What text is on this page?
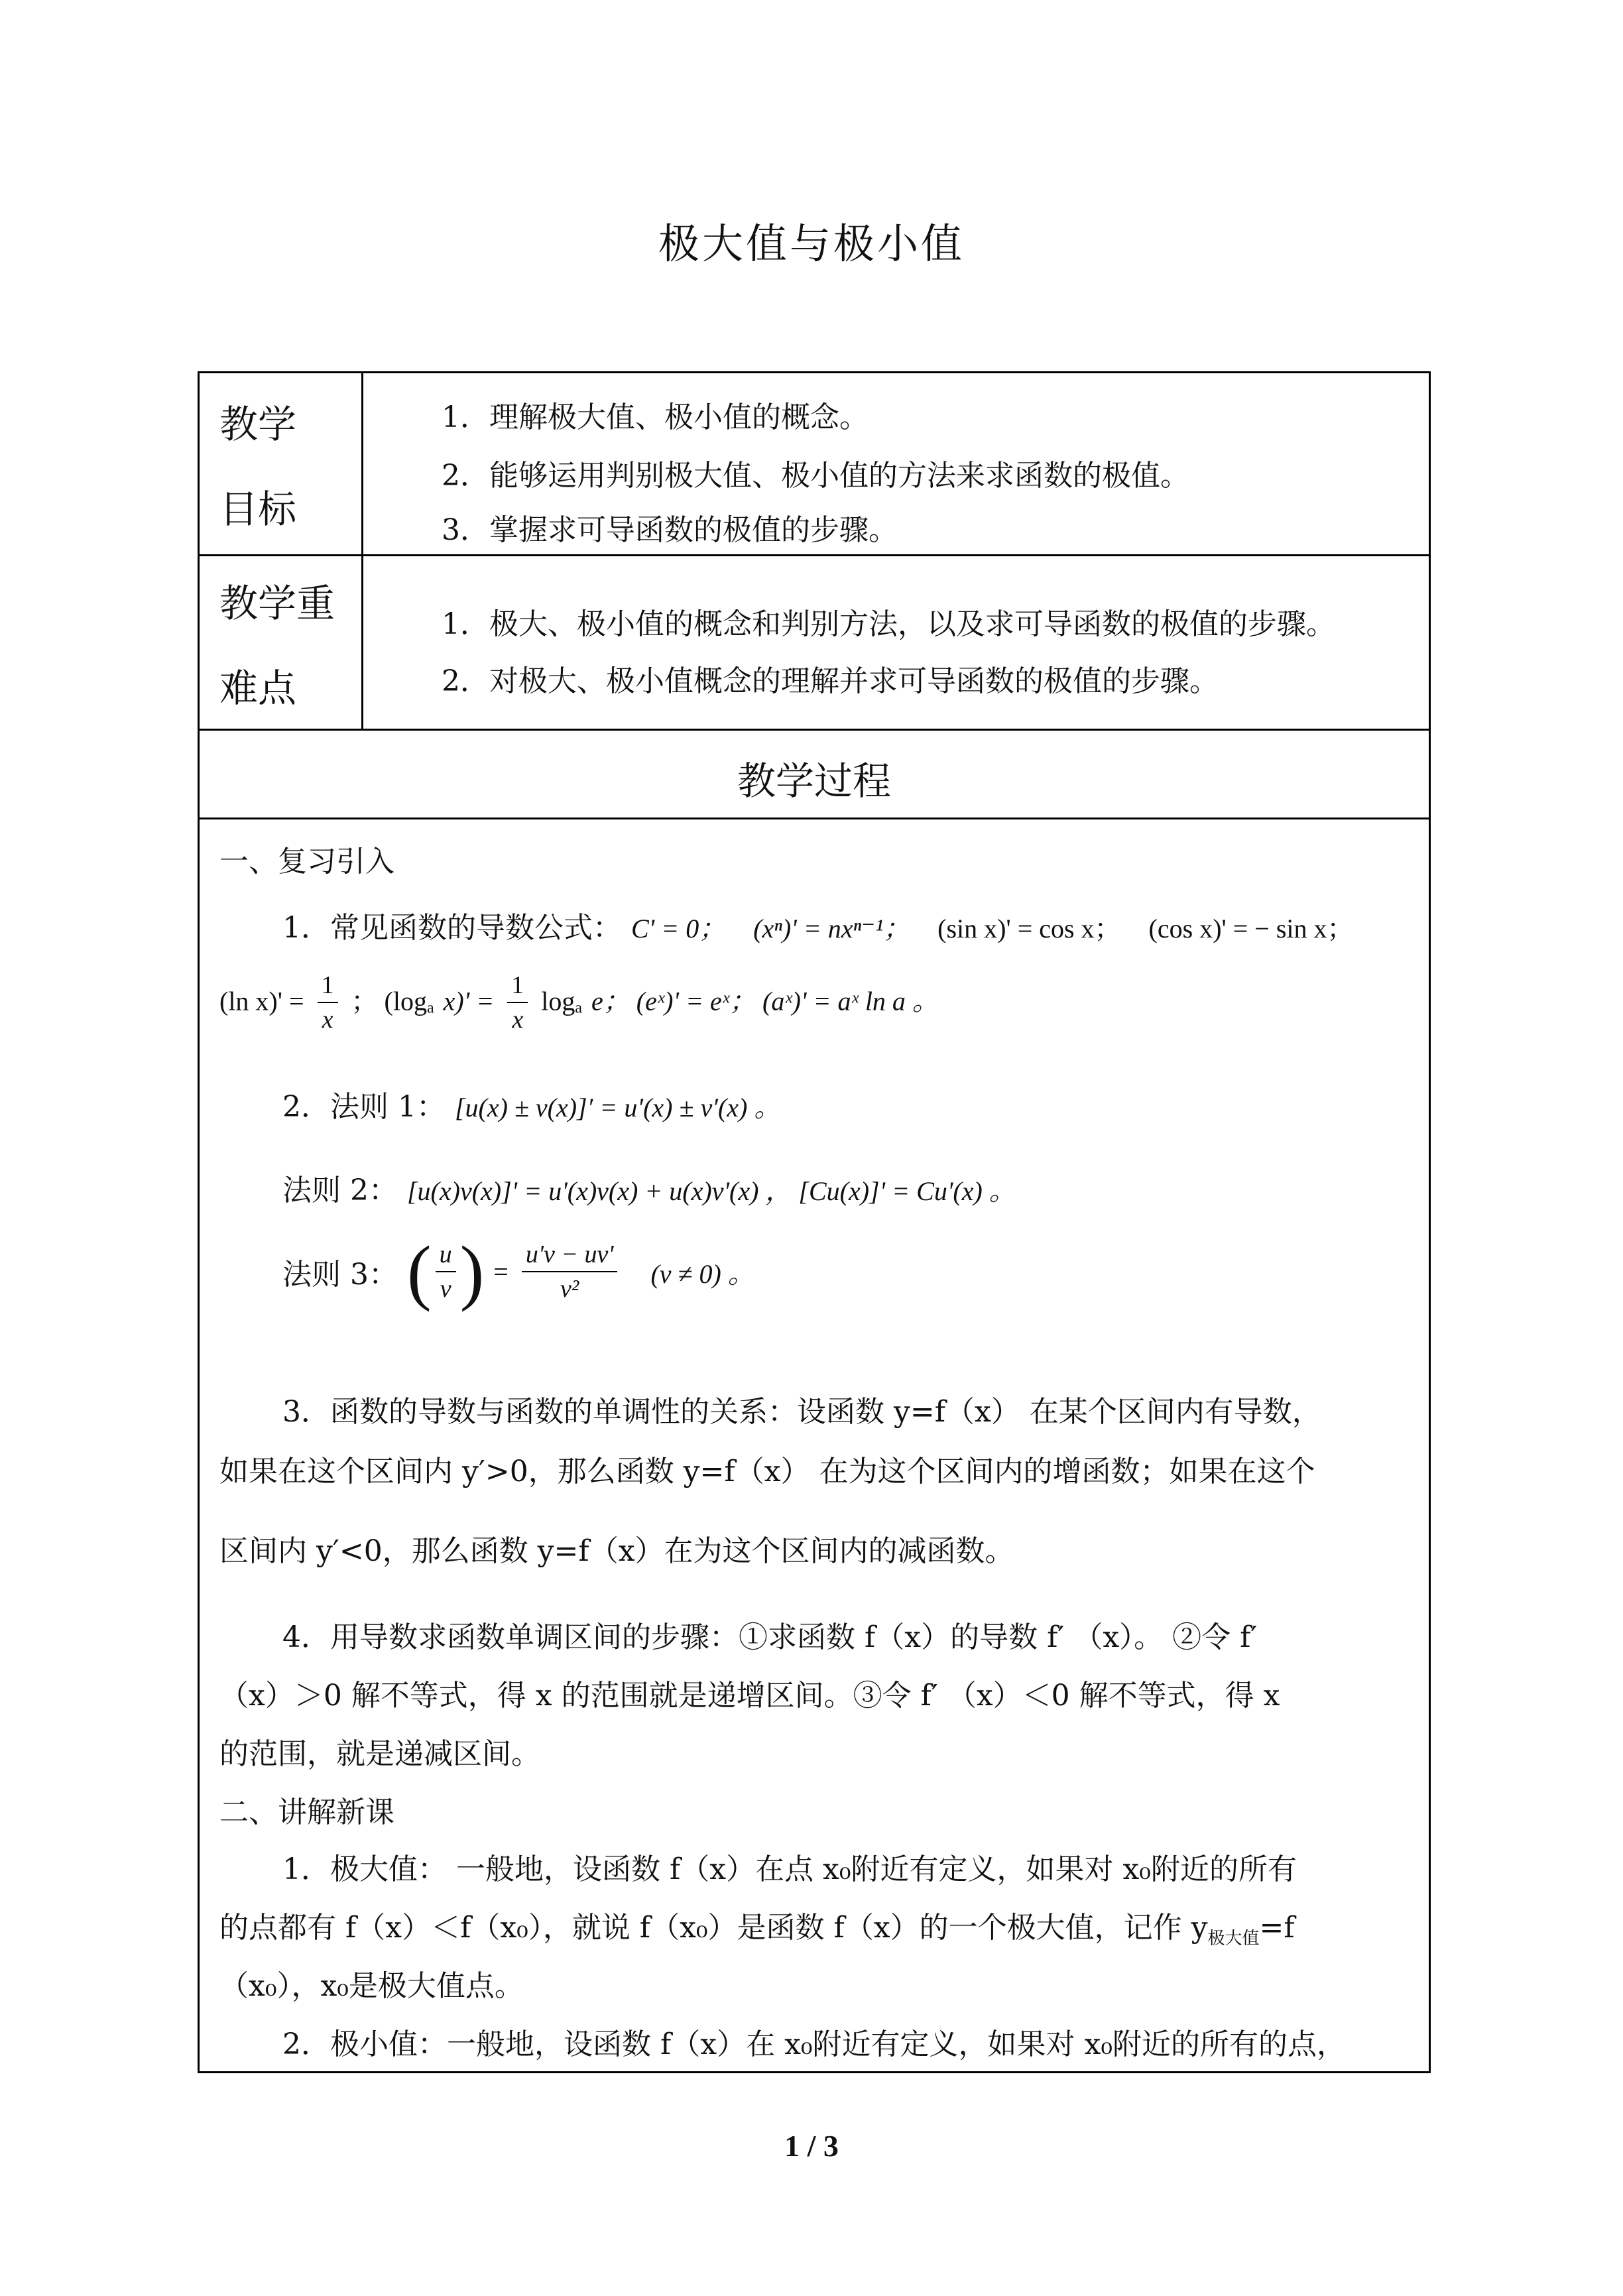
极大值与极小值
教学
目标
1．理解极大值、极小值的概念。
2．能够运用判别极大值、极小值的方法来求函数的极值。
3．掌握求可导函数的极值的步骤。
教学重
难点
1．极大、极小值的概念和判别方法，以及求可导函数的极值的步骤。
2．对极大、极小值概念的理解并求可导函数的极值的步骤。
教学过程
一、复习引入
1．常见函数的导数公式： C' = 0； (xⁿ)' = nxⁿ⁻¹； (sin x)' = cos x； (cos x)' = − sin x；
(ln $x)' = \frac{1}{x}$ ； ($\log_a$ $x)' = \frac{1}{x} \log_a e$； (eˣ)' = eˣ； (aˣ)' = aˣ ln a 。
2．法则 1： [u(x) ± v(x)]′ = u′(x) ± v′(x) 。
法则 2： [u(x)v(x)]' = u'(x)v(x) + u(x)v'(x) ， [Cu(x)]' = Cu'(x) 。
法则 3： ( $\frac{u}{v}$ ) = $\frac{u'v - uv'}{\text{v²}} (v \ne 0)$ 。
3．函数的导数与函数的单调性的关系：设函数 y=f（x） 在某个区间内有导数，
如果在这个区间内 y′>0，那么函数 y=f（x） 在为这个区间内的增函数；如果在这个
区间内 y′<0，那么函数 y=f（x）在为这个区间内的减函数。
4．用导数求函数单调区间的步骤：①求函数 f（x）的导数 f′ （x）。 ②令 f′
（x）＞0 解不等式，得 x 的范围就是递增区间。③令 f′ （x）＜0 解不等式，得 x
的范围，就是递减区间。
二、讲解新课
1．极大值： 一般地，设函数 f（x）在点 x₀附近有定义，如果对 x₀附近的所有
的点都有 f（x）＜f（x₀），就说 f（x₀）是函数 f（x）的一个极大值，记作 $y_{极大值}=f$
（x₀），x₀是极大值点。
2．极小值：一般地，设函数 f（x）在 x₀附近有定义，如果对 x₀附近的所有的点，
1 / 3
